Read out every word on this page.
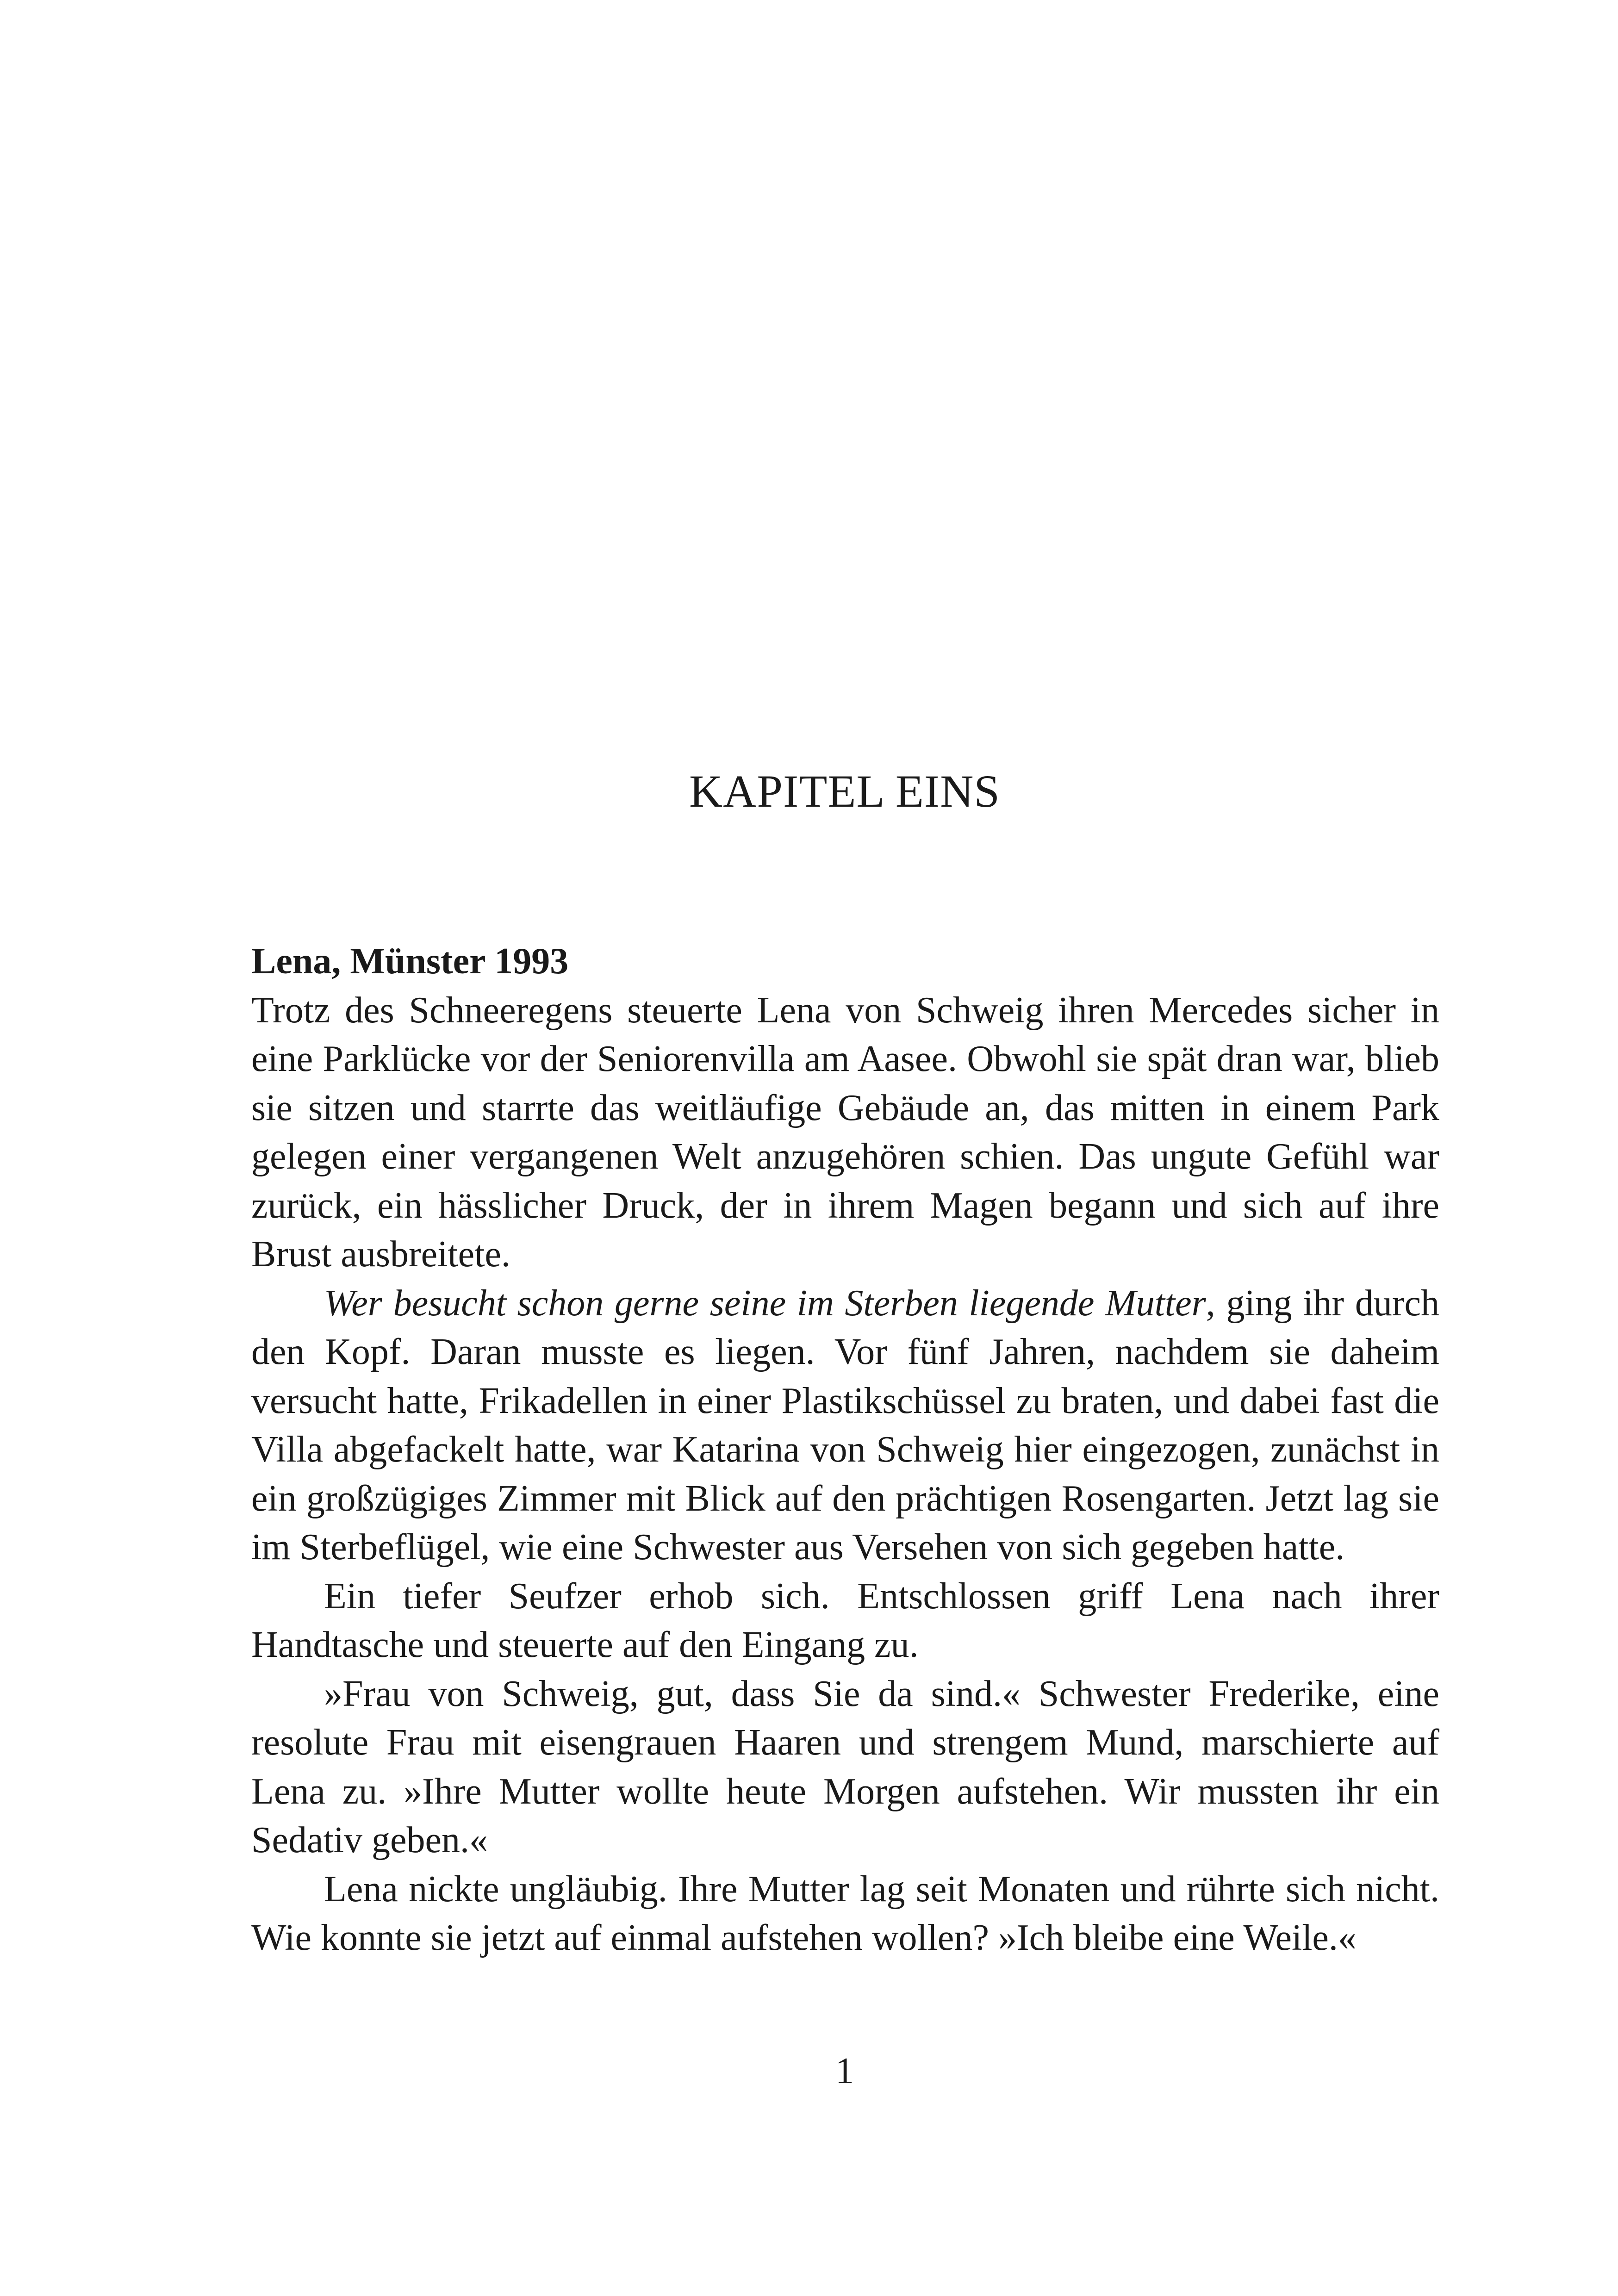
KAPITEL EINS

Lena, Münster 1993

Trotz des Schneeregens steuerte Lena von Schweig ihren Mercedes sicher in eine Parklücke vor der Seniorenvilla am Aasee. Obwohl sie spät dran war, blieb sie sitzen und starrte das weitläufige Gebäude an, das mitten in einem Park gelegen einer vergangenen Welt anzugehören schien. Das ungute Gefühl war zurück, ein hässlicher Druck, der in ihrem Magen begann und sich auf ihre Brust ausbreitete.

Wer besucht schon gerne seine im Sterben liegende Mutter, ging ihr durch den Kopf. Daran musste es liegen. Vor fünf Jahren, nachdem sie daheim versucht hatte, Frikadellen in einer Plastikschüssel zu braten, und dabei fast die Villa abgefackelt hatte, war Katarina von Schweig hier eingezogen, zunächst in ein großzügiges Zimmer mit Blick auf den prächtigen Rosengarten. Jetzt lag sie im Sterbeflügel, wie eine Schwester aus Versehen von sich gegeben hatte.

Ein tiefer Seufzer erhob sich. Entschlossen griff Lena nach ihrer Handtasche und steuerte auf den Eingang zu.

»Frau von Schweig, gut, dass Sie da sind.« Schwester Frederike, eine resolute Frau mit eisengrauen Haaren und strengem Mund, marschierte auf Lena zu. »Ihre Mutter wollte heute Morgen aufstehen. Wir mussten ihr ein Sedativ geben.«

Lena nickte ungläubig. Ihre Mutter lag seit Monaten und rührte sich nicht. Wie konnte sie jetzt auf einmal aufstehen wollen? »Ich bleibe eine Weile.«

1
